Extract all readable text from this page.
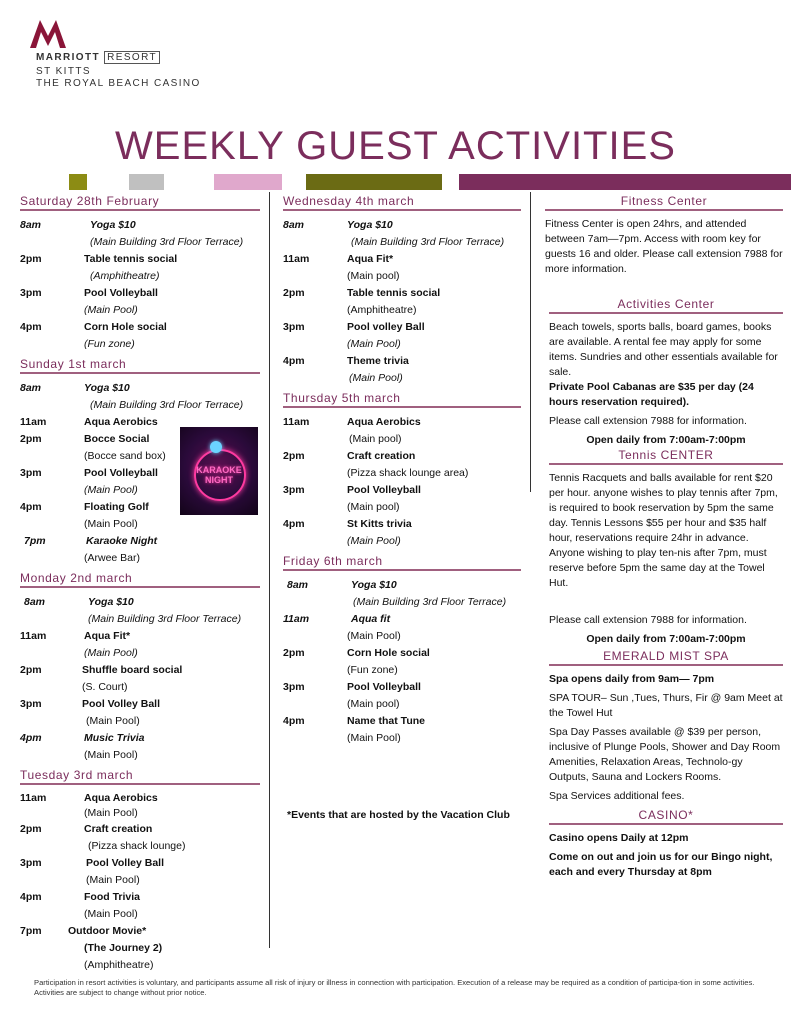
MARRIOTT RESORT
ST KITTS
THE ROYAL BEACH CASINO
WEEKLY GUEST ACTIVITIES
Saturday 28th February
8am	Yoga $10
(Main Building 3rd Floor Terrace)
2pm	Table tennis social
(Amphitheatre)
3pm	Pool Volleyball
(Main Pool)
4pm	Corn Hole social
(Fun zone)
Sunday 1st march
8am	Yoga $10
(Main Building 3rd Floor Terrace)
11am	Aqua Aerobics
2pm	Bocce Social
(Bocce sand box)
3pm	Pool Volleyball
(Main Pool)
4pm	Floating Golf
(Main Pool)
7pm	Karaoke Night
(Arwee Bar)
Monday 2nd march
8am	Yoga $10
(Main Building 3rd Floor Terrace)
11am	Aqua Fit*
(Main Pool)
2pm	Shuffle board social
(S. Court)
3pm	Pool Volley Ball
(Main Pool)
4pm	Music Trivia
(Main Pool)
Tuesday 3rd march
11am	Aqua Aerobics
(Main Pool)
2pm	Craft creation
(Pizza shack lounge)
3pm	Pool Volley Ball
(Main Pool)
4pm	Food Trivia
(Main Pool)
7pm	Outdoor Movie*
(The Journey 2)
(Amphitheatre)
KARAOKE NIGHT
Wednesday 4th march
8am	Yoga $10
(Main Building 3rd Floor Terrace)
11am	Aqua Fit*
(Main pool)
2pm	Table tennis social
(Amphitheatre)
3pm	Pool volley Ball
(Main Pool)
4pm	Theme trivia
(Main Pool)
Thursday 5th march
11am	Aqua Aerobics
(Main pool)
2pm	Craft creation
(Pizza shack lounge area)
3pm	Pool Volleyball
(Main pool)
4pm	St Kitts trivia
(Main Pool)
Friday 6th march
8am	Yoga $10
(Main Building 3rd Floor Terrace)
11am	Aqua fit
(Main Pool)
2pm	Corn Hole social
(Fun zone)
3pm	Pool Volleyball
(Main pool)
4pm	Name that Tune
(Main Pool)
*Events that are hosted by the Vacation Club
Fitness Center

Fitness Center is open 24hrs, and attended between 7am—7pm. Access with room key for guests 16 and older. Please call extension 7988 for more information.

Activities Center

Beach towels, sports balls, board games, books are available. A rental fee may apply for some items. Sundries and other essentials available for sale.

Private Pool Cabanas are $35 per day (24 hours reservation required).

Please call extension 7988 for information.

Open daily from 7:00am-7:00pm
Tennis CENTER

Tennis Racquets and balls available for rent $20 per hour. anyone wishes to play tennis after 7pm, is required to book reservation by 5pm the same day. Tennis Lessons $55 per hour and $35 half hour, reservations require 24hr in advance. Anyone wishing to play ten-nis after 7pm, must reserve before 5pm the same day at the Towel Hut.

Please call extension 7988 for information.

Open daily from 7:00am-7:00pm
EMERALD MIST SPA

Spa opens daily from 9am— 7pm

SPA TOUR– Sun ,Tues, Thurs, Fir @ 9am Meet at the Towel Hut

Spa Day Passes available @ $39 per person, inclusive of Plunge Pools, Shower and Day Room Amenities, Relaxation Areas, Technolo-gy Outputs, Sauna and Lockers Rooms.

Spa Services additional fees.

CASINO*

Casino opens Daily at 12pm

Come on out and join us for our Bingo night, each and every Thursday at 8pm

Participation in resort activities is voluntary, and participants assume all risk of injury or illness in connection with participation. Execution of a release may be required as a condition of participa-tion in some activities. Activities are subject to change without prior notice.
